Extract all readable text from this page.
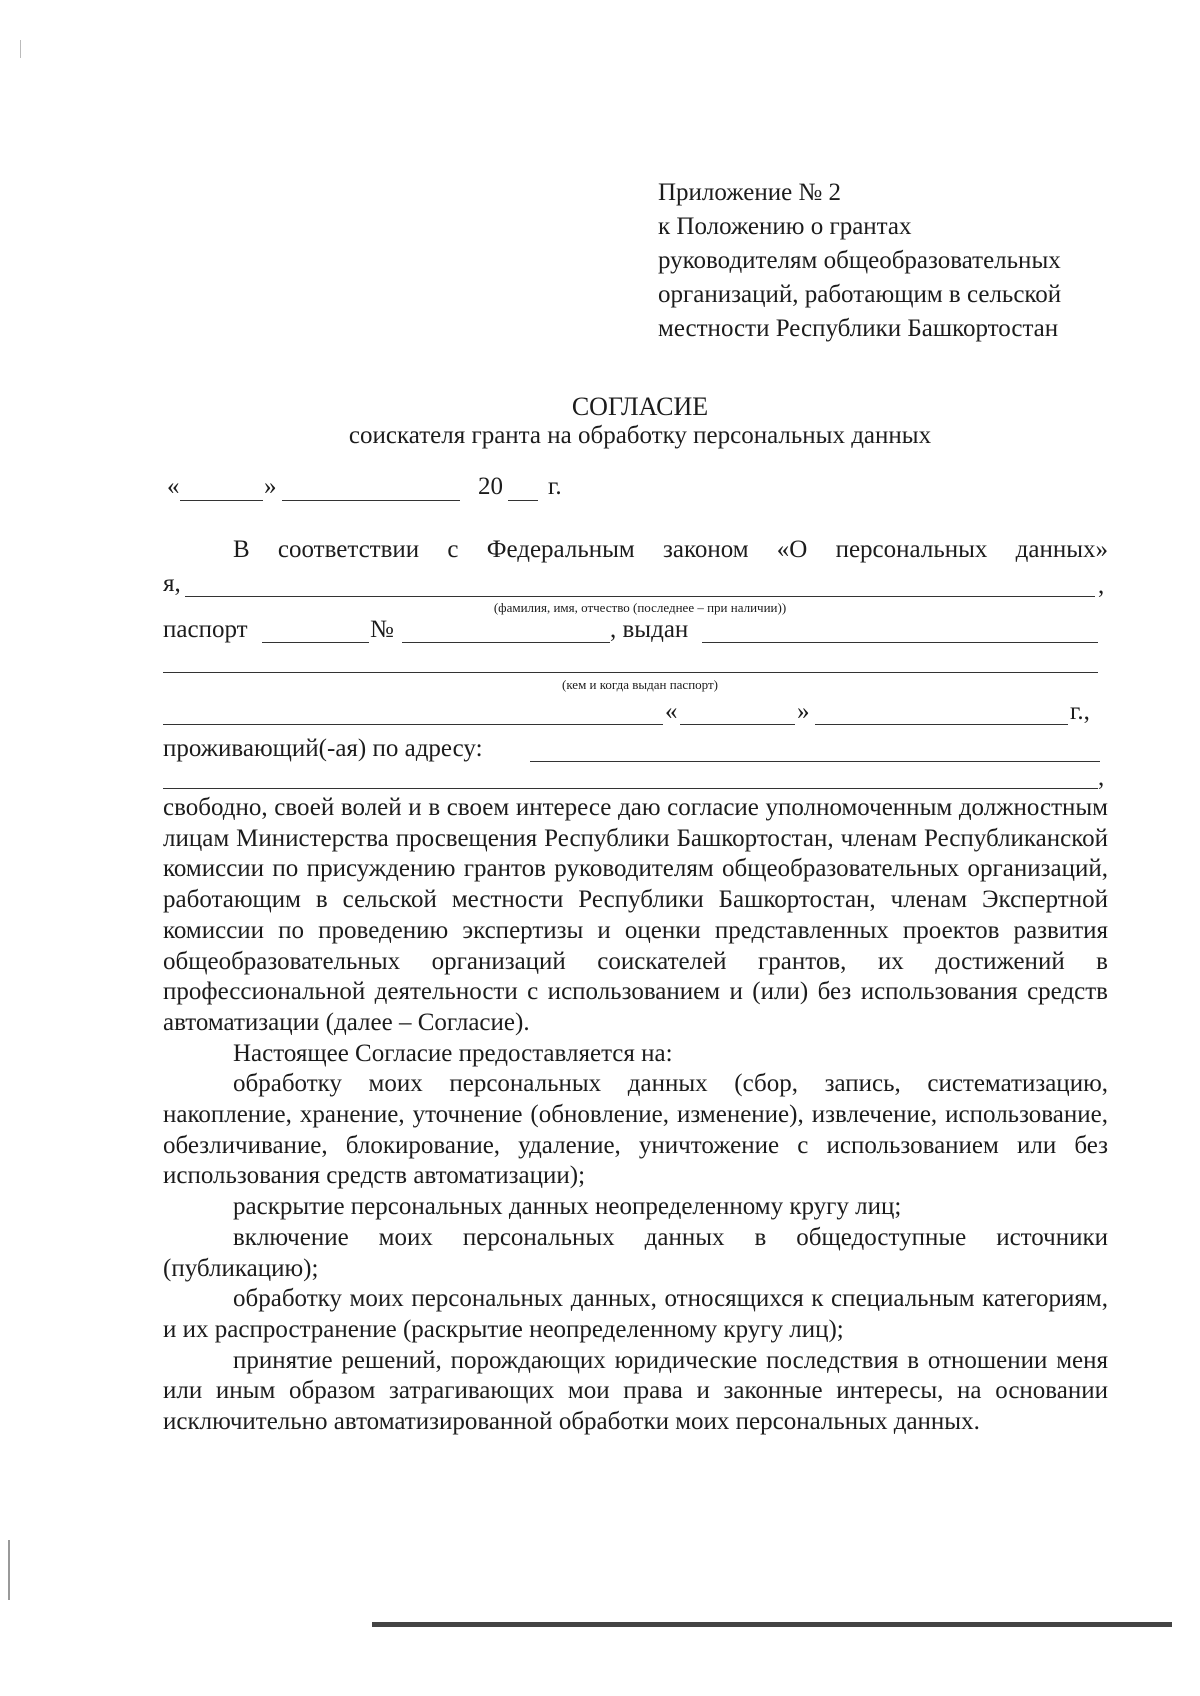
Приложение № 2
к Положению о грантах
руководителям общеобразовательных
организаций, работающим в сельской
местности Республики Башкортостан
СОГЛАСИЕ
соискателя гранта на обработку персональных данных
«	»	20 г.
В соответствии с Федеральным законом «О персональных данных»
я,	,
(фамилия, имя, отчество (последнее – при наличии))
паспорт	№	, выдан
(кем и когда выдан паспорт)
«	»	г.,
проживающий(-ая) по адресу:
,
свободно, своей волей и в своем интересе даю согласие уполномоченным должностным лицам Министерства просвещения Республики Башкортостан, членам Республиканской комиссии по присуждению грантов руководителям общеобразовательных организаций, работающим в сельской местности Республики Башкортостан, членам Экспертной комиссии по проведению экспертизы и оценки представленных проектов развития общеобразовательных организаций соискателей грантов, их достижений в профессиональной деятельности с использованием и (или) без использования средств автоматизации (далее – Согласие).
Настоящее Согласие предоставляется на:
обработку моих персональных данных (сбор, запись, систематизацию, накопление, хранение, уточнение (обновление, изменение), извлечение, использование, обезличивание, блокирование, удаление, уничтожение с использованием или без использования средств автоматизации);
раскрытие персональных данных неопределенному кругу лиц;
включение моих персональных данных в общедоступные источники (публикацию);
обработку моих персональных данных, относящихся к специальным категориям, и их распространение (раскрытие неопределенному кругу лиц);
принятие решений, порождающих юридические последствия в отношении меня или иным образом затрагивающих мои права и законные интересы, на основании исключительно автоматизированной обработки моих персональных данных.
